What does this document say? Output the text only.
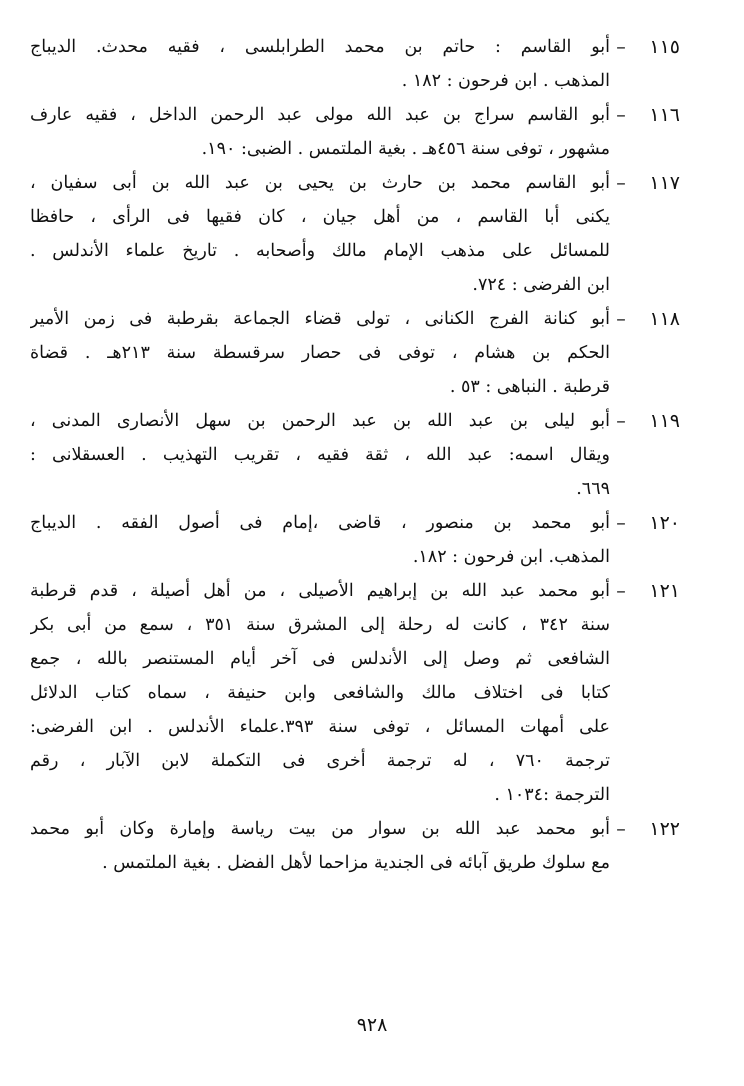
١١٥
–
أبو القاسم : حاتم بن محمد الطرابلسى ، فقيه محدث. الديباج
المذهب . ابن فرحون : ١٨٢ .
١١٦
–
أبو القاسم سراج بن عبد الله مولى عبد الرحمن الداخل ، فقيه عارف
مشهور ، توفى سنة ٤٥٦هـ . بغية الملتمس . الضبى: ١٩٠.
١١٧
–
أبو القاسم محمد بن حارث بن يحيى بن عبد الله بن أبى سفيان ،
يكنى أبا القاسم ، من أهل جيان ، كان فقيها فى الرأى ، حافظا
للمسائل على مذهب الإمام مالك وأصحابه . تاريخ علماء الأندلس .
ابن الفرضى : ٧٢٤.
١١٨
–
أبو كنانة الفرج الكنانى ، تولى قضاء الجماعة بقرطبة فى زمن الأمير
الحكم بن هشام ، توفى فى حصار سرقسطة سنة ٢١٣هـ . قضاة
قرطبة . النباهى : ٥٣ .
١١٩
–
أبو ليلى بن عبد الله بن عبد الرحمن بن سهل الأنصارى المدنى ،
ويقال اسمه: عبد الله ، ثقة فقيه ، تقريب التهذيب . العسقلانى :
٦٦٩.
١٢٠
–
أبو محمد بن منصور ، قاضى ،إمام فى أصول الفقه . الديباج
المذهب. ابن فرحون : ١٨٢.
١٢١
–
أبو محمد عبد الله بن إبراهيم الأصيلى ، من أهل أصيلة ، قدم قرطبة
سنة ٣٤٢ ، كانت له رحلة إلى المشرق سنة ٣٥١ ، سمع من أبى بكر
الشافعى ثم وصل إلى الأندلس فى آخر أيام المستنصر بالله ، جمع
كتابا فى اختلاف مالك والشافعى وابن حنيفة ، سماه كتاب الدلائل
على أمهات المسائل ، توفى سنة ٣٩٣.علماء الأندلس . ابن الفرضى:
ترجمة ٧٦٠ ، له ترجمة أخرى فى التكملة لابن الآبار ، رقم
الترجمة :١٠٣٤ .
١٢٢
–
أبو محمد عبد الله بن سوار من بيت رياسة وإمارة وكان أبو محمد
مع سلوك طريق آبائه فى الجندية مزاحما لأهل الفضل . بغية الملتمس .
٩٢٨
